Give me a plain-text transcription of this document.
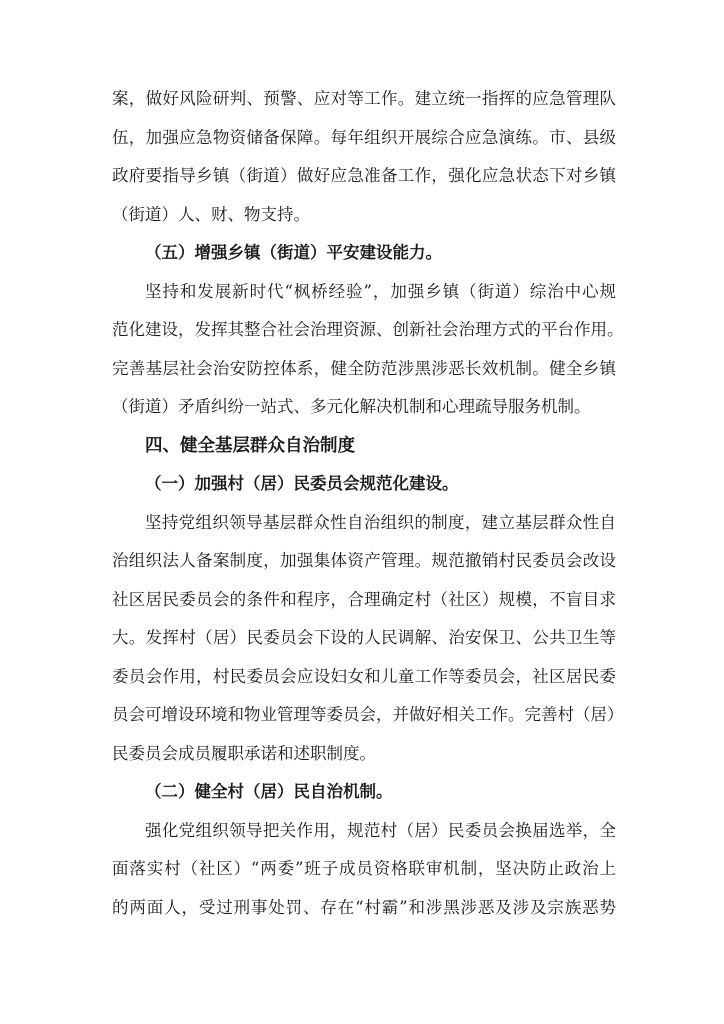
案，做好风险研判、预警、应对等工作。建立统一指挥的应急管理队
伍，加强应急物资储备保障。每年组织开展综合应急演练。市、县级
政府要指导乡镇（街道）做好应急准备工作，强化应急状态下对乡镇
（街道）人、财、物支持。
（五）增强乡镇（街道）平安建设能力。
坚持和发展新时代“枫桥经验”，加强乡镇（街道）综治中心规
范化建设，发挥其整合社会治理资源、创新社会治理方式的平台作用。
完善基层社会治安防控体系，健全防范涉黑涉恶长效机制。健全乡镇
（街道）矛盾纠纷一站式、多元化解决机制和心理疏导服务机制。
四、健全基层群众自治制度
（一）加强村（居）民委员会规范化建设。
坚持党组织领导基层群众性自治组织的制度，建立基层群众性自
治组织法人备案制度，加强集体资产管理。规范撤销村民委员会改设
社区居民委员会的条件和程序，合理确定村（社区）规模，不盲目求
大。发挥村（居）民委员会下设的人民调解、治安保卫、公共卫生等
委员会作用，村民委员会应设妇女和儿童工作等委员会，社区居民委
员会可增设环境和物业管理等委员会，并做好相关工作。完善村（居）
民委员会成员履职承诺和述职制度。
（二）健全村（居）民自治机制。
强化党组织领导把关作用，规范村（居）民委员会换届选举，全
面落实村（社区）“两委”班子成员资格联审机制，坚决防止政治上
的两面人，受过刑事处罚、存在“村霸”和涉黑涉恶及涉及宗族恶势
